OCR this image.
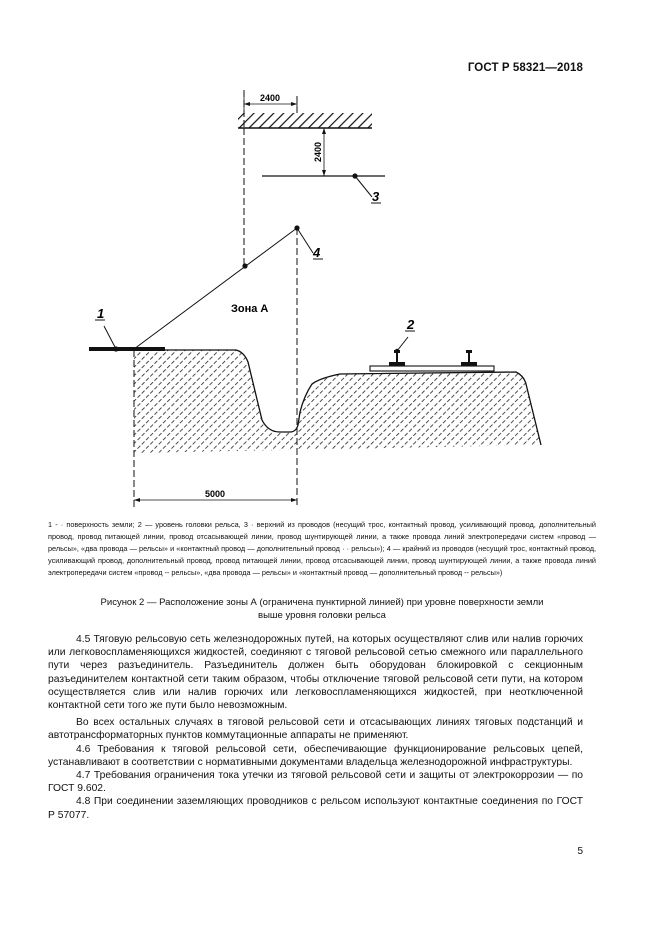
ГОСТ Р 58321—2018
2400
2400
3
4
Зона А
1
2
5000

1 - · поверхность земли; 2 — уровень головки рельса, 3 · верхний из проводов (несущий трос, контактный провод, усиливающий провод, дополнительный провод, провод питающей линии, провод отсасывающей линии, провод шунтирующей линии, а также провода линий электропередачи систем «провод — рельсы», «два провода — рельсы» и «контактный провод — дополнительный провод · · рельсы»); 4 — крайний из проводов (несущий трос, контактный провод, усиливающий провод, дополнительный провод, провод питающей линии, провод отсасывающей линии, провод шунтирующей линии, а также провода линий электропередачи систем «провод -- рельсы», «два провода — рельсы» и «контактный провод — дополнительный провод -- рельсы»)

Рисунок 2 — Расположение зоны А (ограничена пунктирной линией) при уровне поверхности земли

выше уровня головки рельса

4.5 Тяговую рельсовую сеть железнодорожных путей, на которых осуществляют слив или налив горючих или легковоспламеняющихся жидкостей, соединяют с тяговой рельсовой сетью смежного или параллельного пути через разъединитель. Разъединитель должен быть оборудован блокировкой с секционным разъединителем контактной сети таким образом, чтобы отключение тяговой рельсовой сети пути, на котором осуществляется слив или налив горючих или легковоспламеняющихся жидкостей, при неотключенной контактной сети того же пути было невозможным.

Во всех остальных случаях в тяговой рельсовой сети и отсасывающих линиях тяговых подстанций и автотрансформаторных пунктов коммутационные аппараты не применяют.

4.6 Требования к тяговой рельсовой сети, обеспечивающие функционирование рельсовых цепей, устанавливают в соответствии с нормативными документами владельца железнодорожной инфраструктуры.

4.7 Требования ограничения тока утечки из тяговой рельсовой сети и защиты от электрокоррозии — по ГОСТ 9.602.

4.8 При соединении заземляющих проводников с рельсом используют контактные соединения по ГОСТ Р 57077.

5
